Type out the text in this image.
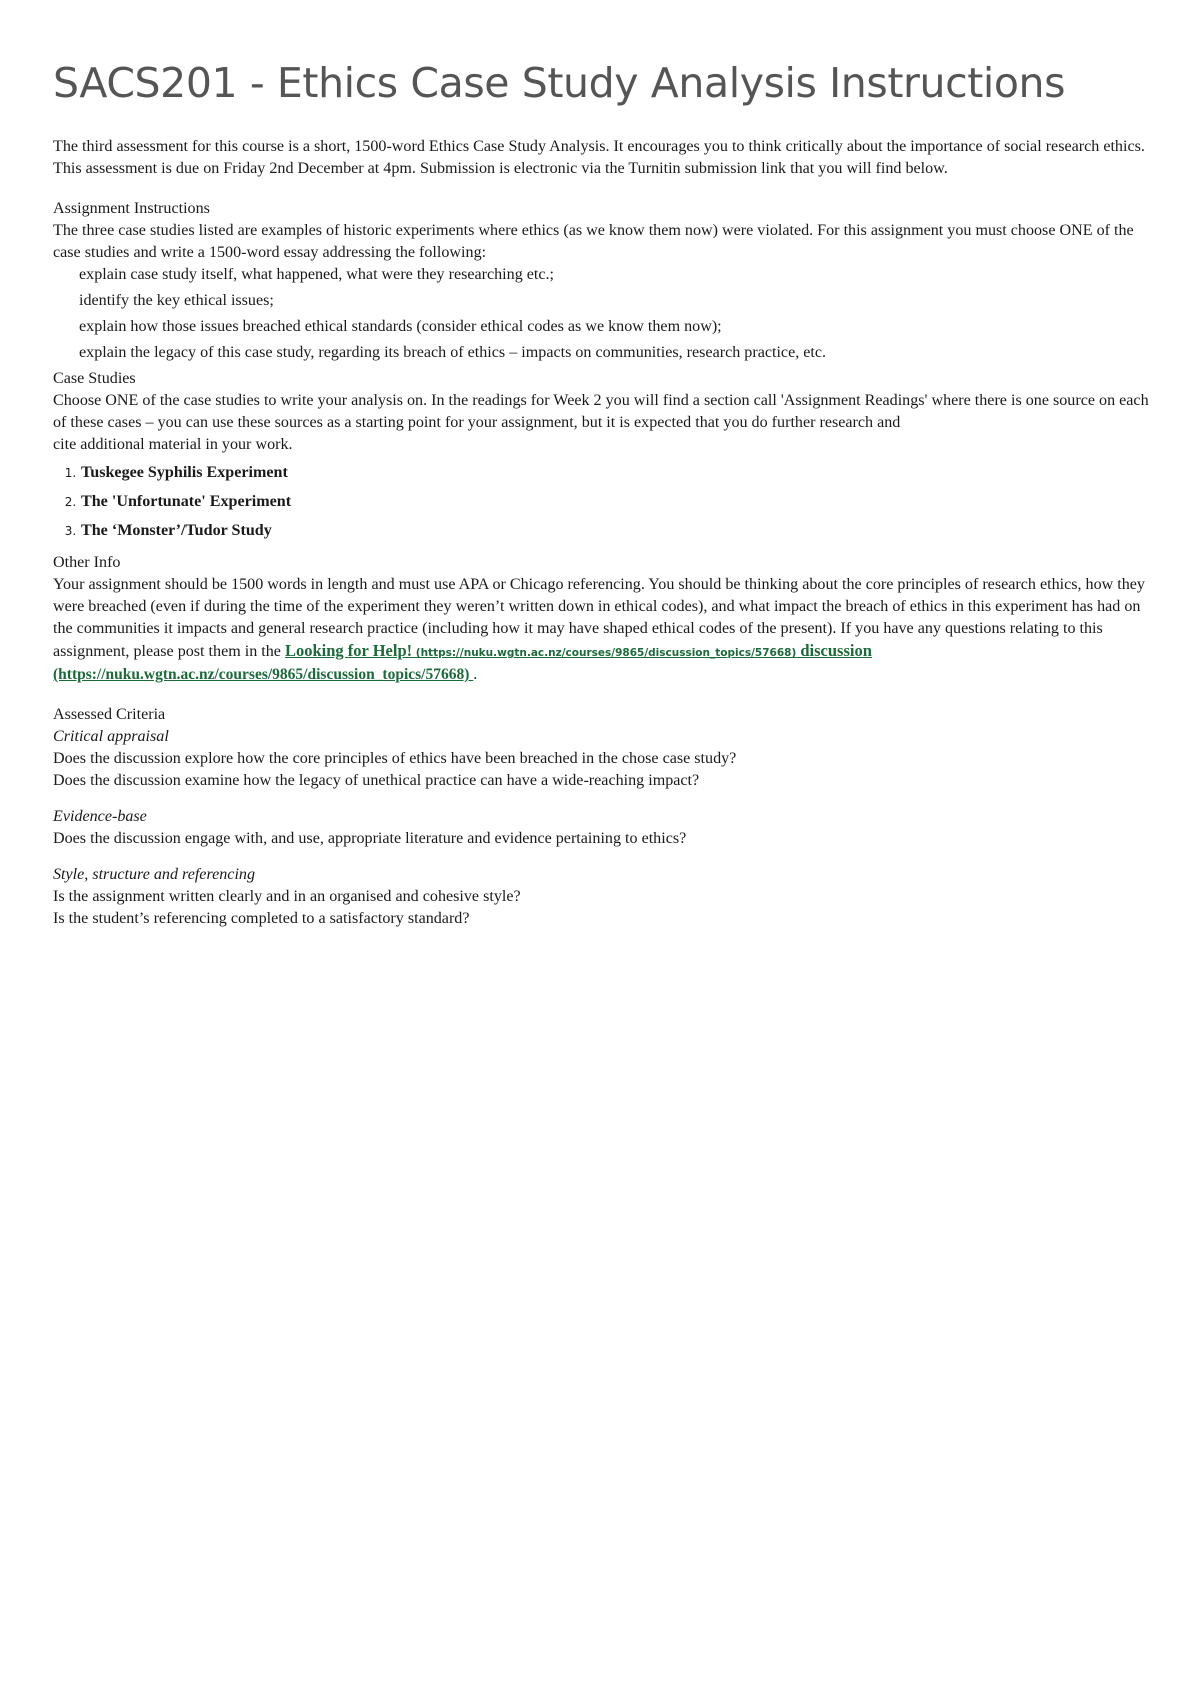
SACS201 - Ethics Case Study Analysis Instructions

The third assessment for this course is a short, 1500-word Ethics Case Study Analysis. It encourages you to think critically about the importance of social research ethics.

This assessment is due on Friday 2nd December at 4pm. Submission is electronic via the Turnitin submission link that you will find below.

Assignment Instructions

The three case studies listed are examples of historic experiments where ethics (as we know them now) were violated. For this assignment you must choose ONE of the case studies and write a 1500-word essay addressing the following:

explain case study itself, what happened, what were they researching etc.;
identify the key ethical issues;
explain how those issues breached ethical standards (consider ethical codes as we know them now);
explain the legacy of this case study, regarding its breach of ethics – impacts on communities, research practice, etc.

Case Studies

Choose ONE of the case studies to write your analysis on. In the readings for Week 2 you will find a section call 'Assignment Readings' where there is one source on each of these cases – you can use these sources as a starting point for your assignment, but it is expected that you do further research and
cite additional material in your work.

1. Tuskegee Syphilis Experiment
2. The 'Unfortunate' Experiment
3. The ‘Monster’/Tudor Study

Other Info

Your assignment should be 1500 words in length and must use APA or Chicago referencing. You should be thinking about the core principles of research ethics, how they were breached (even if during the time of the experiment they weren’t written down in ethical codes), and what impact the breach of ethics in this experiment has had on the communities it impacts and general research practice (including how it may have shaped ethical codes of the present). If you have any questions relating to this assignment, please post them in the Looking for Help! (https://nuku.wgtn.ac.nz/courses/9865/discussion_topics/57668) discussion
(https://nuku.wgtn.ac.nz/courses/9865/discussion_topics/57668) .

Assessed Criteria

Critical appraisal

Does the discussion explore how the core principles of ethics have been breached in the chose case study?

Does the discussion examine how the legacy of unethical practice can have a wide-reaching impact?

Evidence-base

Does the discussion engage with, and use, appropriate literature and evidence pertaining to ethics?

Style, structure and referencing

Is the assignment written clearly and in an organised and cohesive style?

Is the student’s referencing completed to a satisfactory standard?
